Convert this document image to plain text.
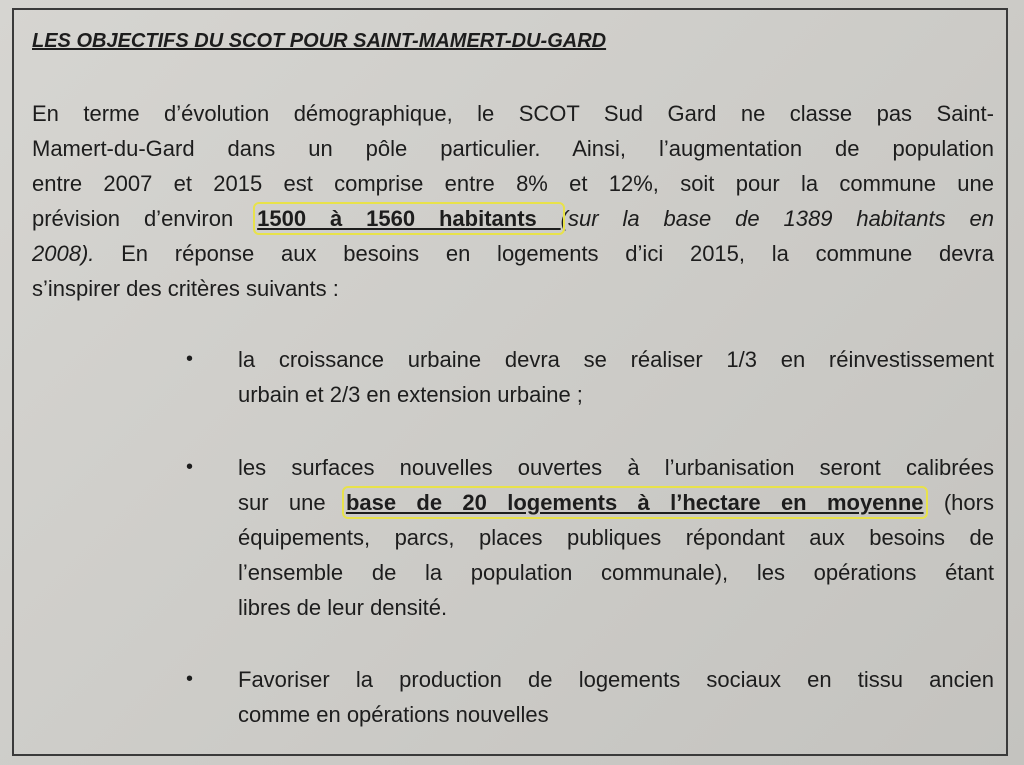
LES OBJECTIFS DU SCOT POUR SAINT-MAMERT-DU-GARD
En terme d’évolution démographique, le SCOT Sud Gard ne classe pas Saint-
Mamert-du-Gard dans un pôle particulier. Ainsi, l’augmentation de population
entre 2007 et 2015 est comprise entre 8% et 12%, soit pour la commune une
prévision d’environ 1500 à 1560 habitants (sur la base de 1389 habitants en
2008). En réponse aux besoins en logements d’ici 2015, la commune devra
s’inspirer des critères suivants :
• la croissance urbaine devra se réaliser 1/3 en réinvestissement
urbain et 2/3 en extension urbaine ;
• les surfaces nouvelles ouvertes à l’urbanisation seront calibrées
sur une base de 20 logements à l’hectare en moyenne (hors
équipements, parcs, places publiques répondant aux besoins de
l’ensemble de la population communale), les opérations étant
libres de leur densité.
• Favoriser la production de logements sociaux en tissu ancien
comme en opérations nouvelles
